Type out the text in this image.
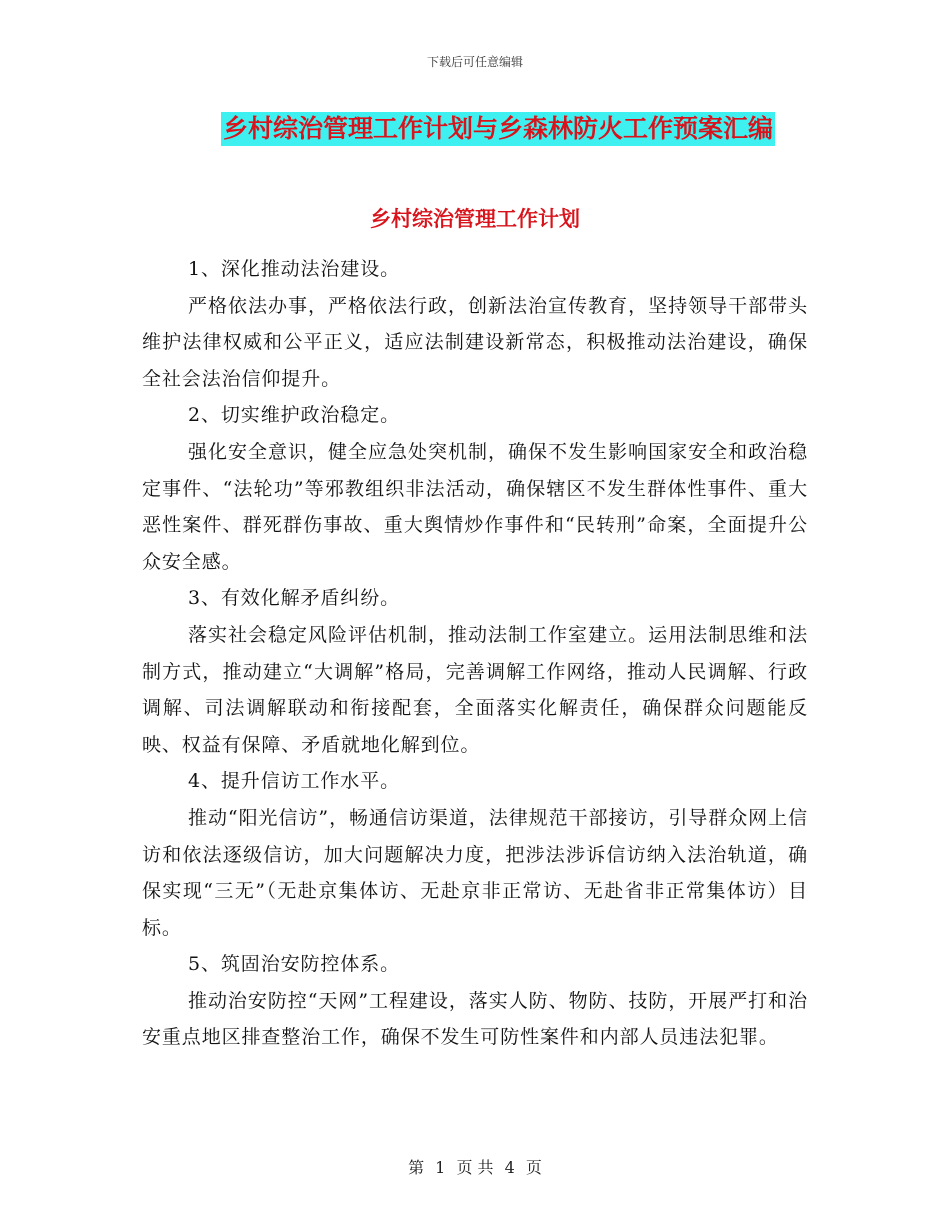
下载后可任意编辑
乡村综治管理工作计划与乡森林防火工作预案汇编
乡村综治管理工作计划

1、深化推动法治建设。

严格依法办事，严格依法行政，创新法治宣传教育，坚持领导干部带头维护法律权威和公平正义，适应法制建设新常态，积极推动法治建设，确保全社会法治信仰提升。

2、切实维护政治稳定。

强化安全意识，健全应急处突机制，确保不发生影响国家安全和政治稳定事件、“法轮功”等邪教组织非法活动，确保辖区不发生群体性事件、重大恶性案件、群死群伤事故、重大舆情炒作事件和“民转刑”命案，全面提升公众安全感。

3、有效化解矛盾纠纷。

落实社会稳定风险评估机制，推动法制工作室建立。运用法制思维和法制方式，推动建立“大调解”格局，完善调解工作网络，推动人民调解、行政调解、司法调解联动和衔接配套，全面落实化解责任，确保群众问题能反映、权益有保障、矛盾就地化解到位。

4、提升信访工作水平。

推动“阳光信访”，畅通信访渠道，法律规范干部接访，引导群众网上信访和依法逐级信访，加大问题解决力度，把涉法涉诉信访纳入法治轨道，确保实现“三无”（无赴京集体访、无赴京非正常访、无赴省非正常集体访）目标。

5、筑固治安防控体系。

推动治安防控“天网”工程建设，落实人防、物防、技防，开展严打和治安重点地区排查整治工作，确保不发生可防性案件和内部人员违法犯罪。

第 1 页 共 4 页
